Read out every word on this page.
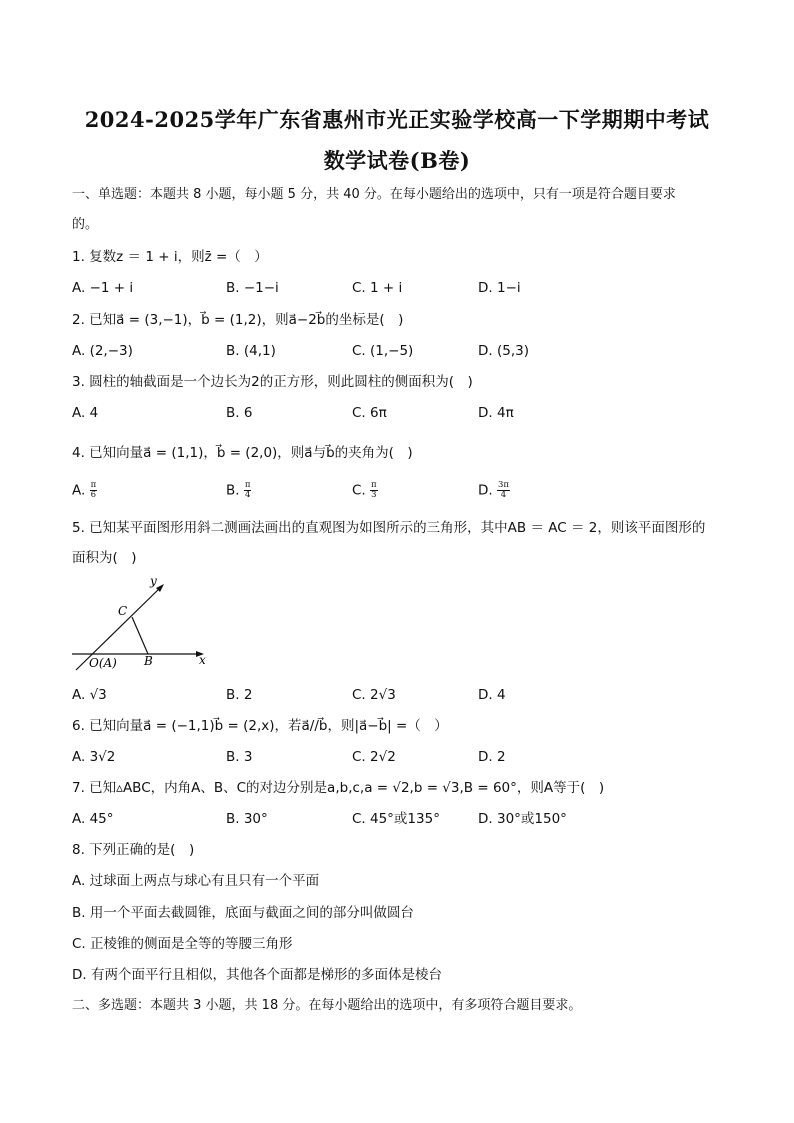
2024-2025学年广东省惠州市光正实验学校高一下学期期中考试
数学试卷(B卷)
一、单选题：本题共 8 小题，每小题 5 分，共 40 分。在每小题给出的选项中，只有一项是符合题目要求
的。
1. 复数z ＝ 1 + i，则z̄ =（　）
A. −1 + i	B. −1−i	C. 1 + i	D. 1−i
2. 已知a⃗ = (3,−1)，b⃗ = (1,2)，则a⃗−2b⃗的坐标是(　)
A. (2,−3)	B. (4,1)	C. (1,−5)	D. (5,3)
3. 圆柱的轴截面是一个边长为2的正方形，则此圆柱的侧面积为(　)
A. 4	B. 6	C. 6π	D. 4π
4. 已知向量a⃗ = (1,1)，b⃗ = (2,0)，则a⃗与b⃗的夹角为(　)
A. $\frac{\pi}{6}$	B. $\frac{\pi}{4}$	C. $\frac{\pi}{3}$	D. $\frac{3\pi}{4}$
5. 已知某平面图形用斜二测画法画出的直观图为如图所示的三角形，其中AB ＝ AC ＝ 2，则该平面图形的
面积为(　)
y
x
C
B
O(A)
A. √3	B. 2	C. 2√3	D. 4
6. 已知向量a⃗ = (−1,1)b⃗ = (2,x)，若a⃗//b⃗，则|a⃗−b⃗| =（　）
A. 3√2	B. 3	C. 2√2	D. 2
7. 已知▵ABC，内角A、B、C的对边分别是a,b,c,a = √2,b = √3,B = 60°，则A等于(　)
A. 45°	B. 30°	C. 45°或135°	D. 30°或150°
8. 下列正确的是(　)
A. 过球面上两点与球心有且只有一个平面
B. 用一个平面去截圆锥，底面与截面之间的部分叫做圆台
C. 正棱锥的侧面是全等的等腰三角形
D. 有两个面平行且相似，其他各个面都是梯形的多面体是棱台
二、多选题：本题共 3 小题，共 18 分。在每小题给出的选项中，有多项符合题目要求。
